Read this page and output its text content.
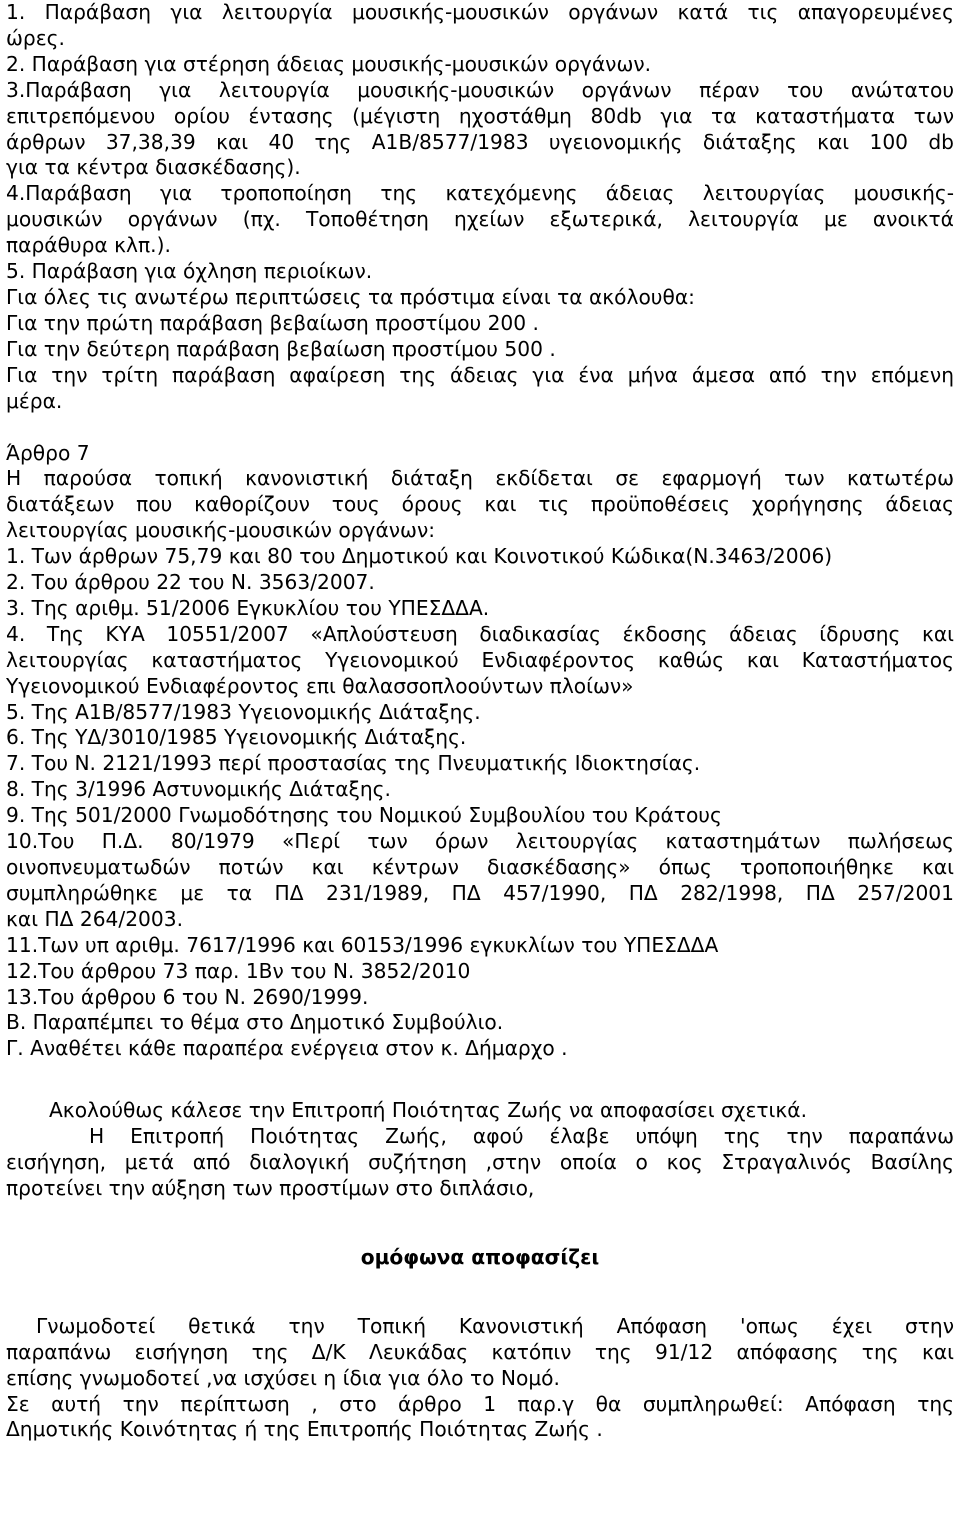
1. Παράβαση για λειτουργία μουσικής-μουσικών οργάνων κατά τις απαγορευμένες
ώρες.
2. Παράβαση για στέρηση άδειας μουσικής-μουσικών οργάνων.
3.Παράβαση για λειτουργία μουσικής-μουσικών οργάνων πέραν του ανώτατου
επιτρεπόμενου ορίου έντασης (μέγιστη ηχοστάθμη 80db για τα καταστήματα των
άρθρων 37,38,39 και 40 της Α1Β/8577/1983 υγειονομικής διάταξης και 100 db
για τα κέντρα διασκέδασης).
4.Παράβαση για τροποποίηση της κατεχόμενης άδειας λειτουργίας μουσικής-
μουσικών οργάνων (πχ. Τοποθέτηση ηχείων εξωτερικά, λειτουργία με ανοικτά
παράθυρα κλπ.).
5. Παράβαση για όχληση περιοίκων.
Για όλες τις ανωτέρω περιπτώσεις τα πρόστιμα είναι τα ακόλουθα:
Για την πρώτη παράβαση βεβαίωση προστίμου 200 .
Για την δεύτερη παράβαση βεβαίωση προστίμου 500 .
Για την τρίτη παράβαση αφαίρεση της άδειας για ένα μήνα άμεσα από την επόμενη
μέρα.
Άρθρο 7
Η παρούσα τοπική κανονιστική διάταξη εκδίδεται σε εφαρμογή των κατωτέρω
διατάξεων που καθορίζουν τους όρους και τις προϋποθέσεις χορήγησης άδειας
λειτουργίας μουσικής-μουσικών οργάνων:
1. Των άρθρων 75,79 και 80 του Δημοτικού και Κοινοτικού Κώδικα(Ν.3463/2006)
2. Του άρθρου 22 του Ν. 3563/2007.
3. Της αριθμ. 51/2006 Εγκυκλίου του ΥΠΕΣΔΔΑ.
4. Της ΚΥΑ 10551/2007 «Απλούστευση διαδικασίας έκδοσης άδειας ίδρυσης και
λειτουργίας καταστήματος Υγειονομικού Ενδιαφέροντος καθώς και Καταστήματος
Υγειονομικού Ενδιαφέροντος επι θαλασσοπλοούντων πλοίων»
5. Της Α1Β/8577/1983 Υγειονομικής Διάταξης.
6. Της ΥΔ/3010/1985 Υγειονομικής Διάταξης.
7. Του Ν. 2121/1993 περί προστασίας της Πνευματικής Ιδιοκτησίας.
8. Της 3/1996 Αστυνομικής Διάταξης.
9. Της 501/2000 Γνωμοδότησης του Νομικού Συμβουλίου του Κράτους
10.Του Π.Δ. 80/1979 «Περί των όρων λειτουργίας καταστημάτων πωλήσεως
οινοπνευματωδών ποτών και κέντρων διασκέδασης» όπως τροποποιήθηκε και
συμπληρώθηκε με τα ΠΔ 231/1989, ΠΔ 457/1990, ΠΔ 282/1998, ΠΔ 257/2001
και ΠΔ 264/2003.
11.Των υπ αριθμ. 7617/1996 και 60153/1996 εγκυκλίων του ΥΠΕΣΔΔΑ
12.Του άρθρου 73 παρ. 1Βν του Ν. 3852/2010
13.Του άρθρου 6 του Ν. 2690/1999.
Β. Παραπέμπει το θέμα στο Δημοτικό Συμβούλιο.
Γ. Αναθέτει κάθε παραπέρα ενέργεια στον κ. Δήμαρχο .
Ακολούθως κάλεσε την Επιτροπή Ποιότητας Ζωής να αποφασίσει σχετικά.
Η Επιτροπή Ποιότητας Ζωής, αφού έλαβε υπόψη της την παραπάνω
εισήγηση, μετά από διαλογική συζήτηση ,στην οποία ο κος Στραγαλινός Βασίλης
προτείνει την αύξηση των προστίμων στο διπλάσιο,
ομόφωνα αποφασίζει
Γνωμοδοτεί θετικά την Τοπική Κανονιστική Απόφαση 'οπως έχει στην
παραπάνω εισήγηση της Δ/Κ Λευκάδας κατόπιν της 91/12 απόφασης της και
επίσης γνωμοδοτεί ,να ισχύσει η ίδια για όλο το Νομό.
Σε αυτή την περίπτωση , στο άρθρο 1 παρ.γ θα συμπληρωθεί: Απόφαση της
Δημοτικής Κοινότητας ή της Επιτροπής Ποιότητας Ζωής .
